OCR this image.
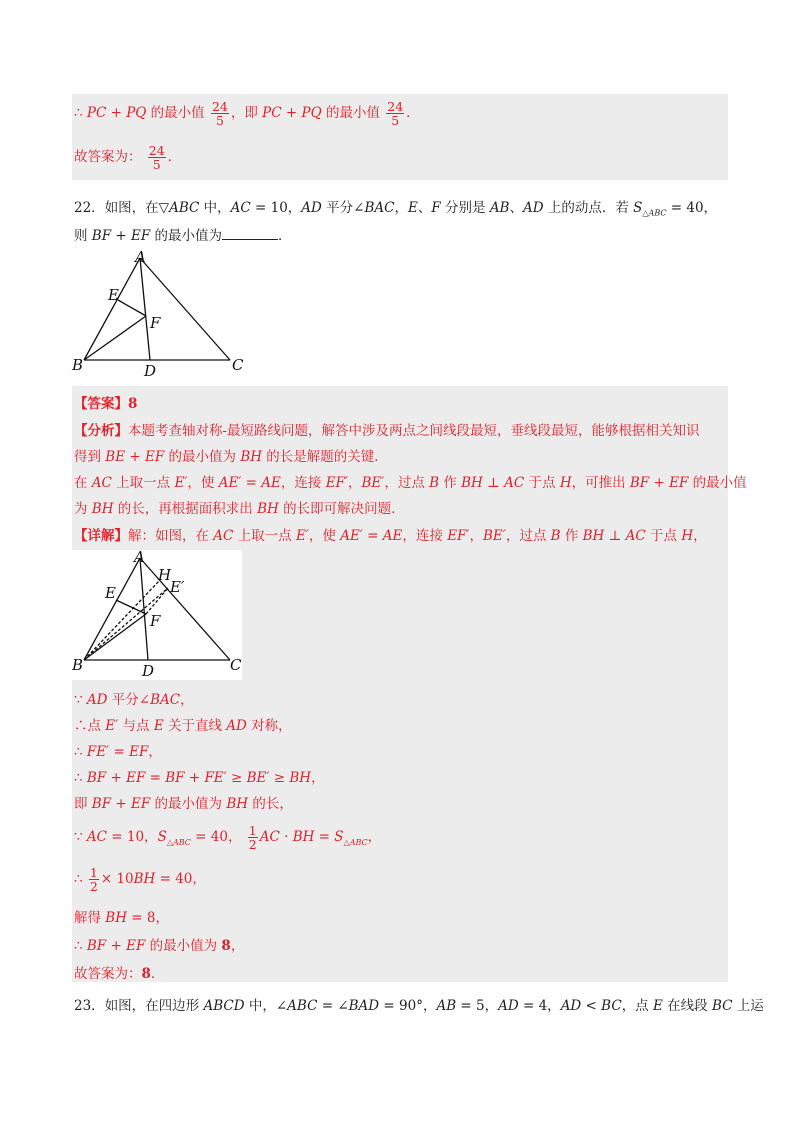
∴ PC + PQ 的最小值 $\frac{24}{5}$ ，即 PC + PQ 的最小值 $\frac{24}{5}$ ．
故答案为： $\frac{24}{5}$ ．
22．如图，在▽ABC 中，AC = 10，AD 平分∠BAC，E、F 分别是 AB、AD 上的动点．若 $S_{\triangle ABC} = 40$，
则 BF + EF 的最小值为	．
A
E
F
B	D	C
【答案】8
【分析】本题考查轴对称-最短路线问题，解答中涉及两点之间线段最短，垂线段最短，能够根据相关知识
得到 BE + EF 的最小值为 BH 的长是解题的关键．
在 AC 上取一点 E′，使 AE′ = AE，连接 EF′，BE′，过点 B 作 BH ⊥ AC 于点 H，可推出 BF + EF 的最小值
为 BH 的长，再根据面积求出 BH 的长即可解决问题．
【详解】解：如图，在 AC 上取一点 E′，使 AE′ = AE，连接 EF′，BE′，过点 B 作 BH ⊥ AC 于点 H，
A
H
E′
E
F
B	D	C
∵ AD 平分∠BAC，
∴点 E′ 与点 E 关于直线 AD 对称，
∴ FE′ = EF，
∴ BF + EF = BF + FE′ ≥ BE′ ≥ BH，
即 BF + EF 的最小值为 BH 的长，
∵ AC = 10，$S_{\triangle ABC} = 40$， $\frac{1}{2}$ AC · BH = $S_{\triangle ABC}$，
∴ $\frac{1}{2} \times 10BH = 40$，
解得 BH = 8，
∴ BF + EF 的最小值为 8，
故答案为：8．
23．如图，在四边形 ABCD 中，∠ABC = ∠BAD = 90°，AB = 5，AD = 4，AD < BC，点 E 在线段 BC 上运
